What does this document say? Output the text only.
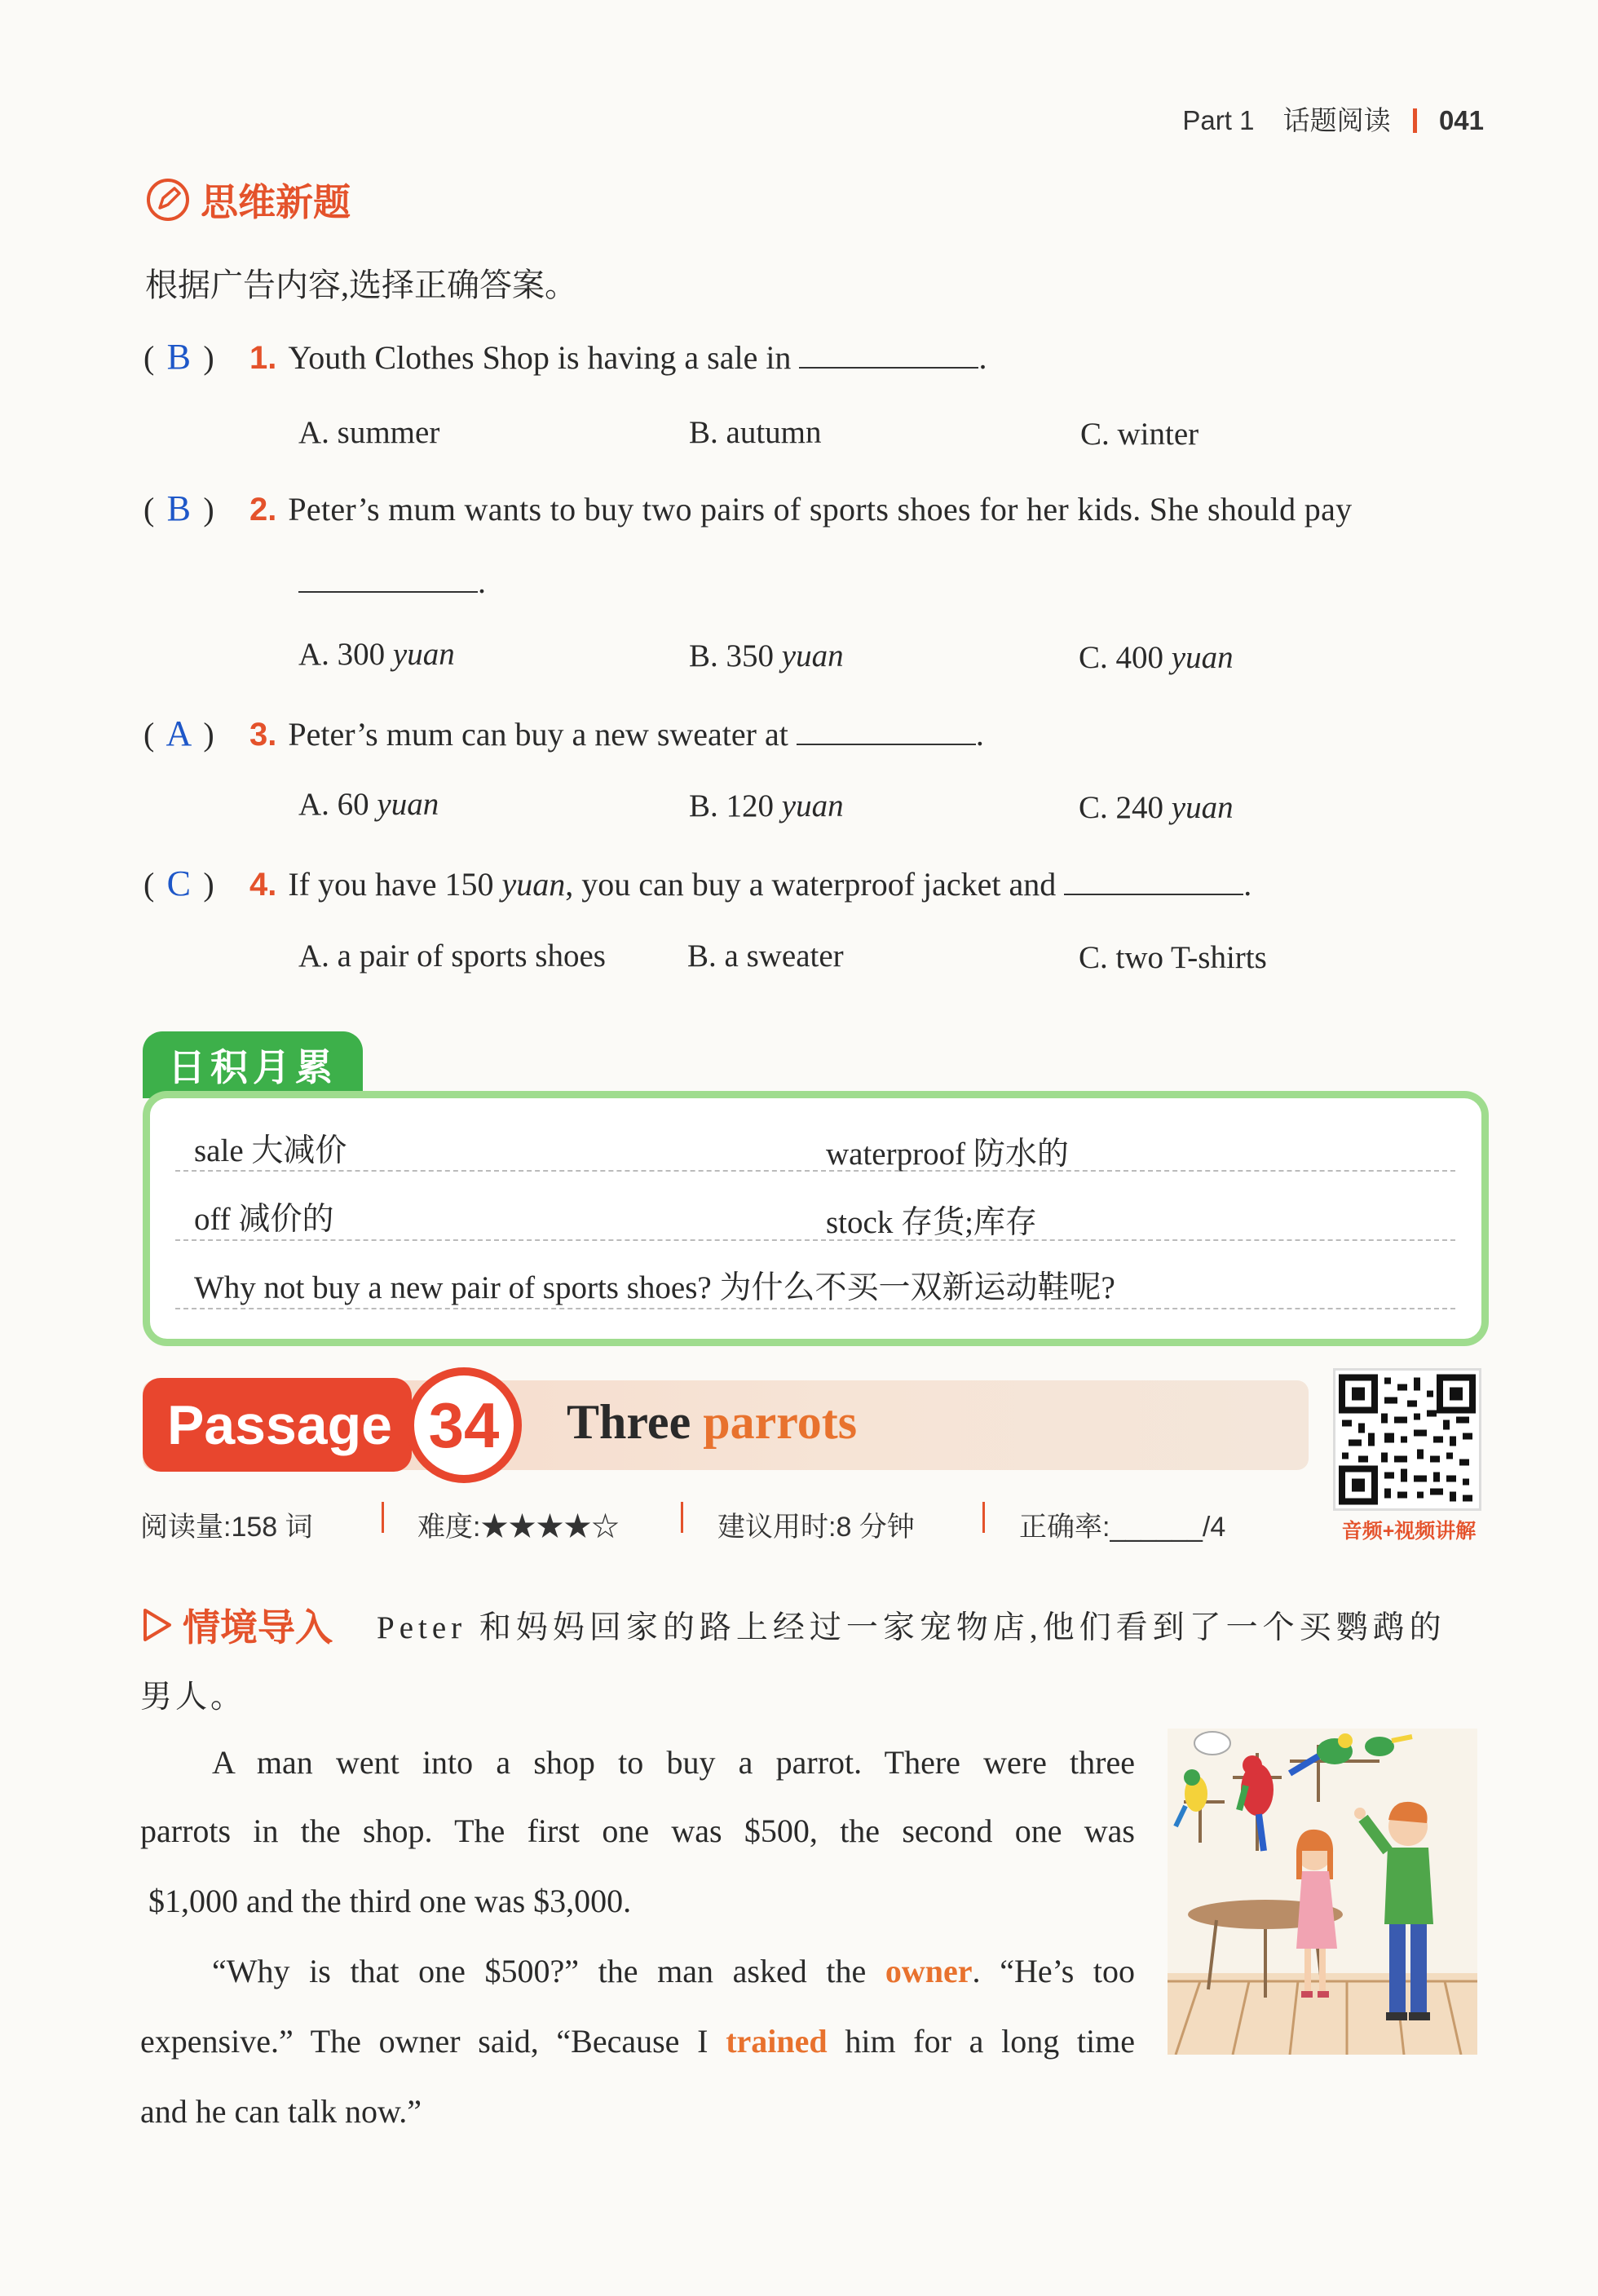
Part 1 话题阅读 041
思维新题
根据广告内容,选择正确答案。
( B ) 1. Youth Clothes Shop is having a sale in	.
A. summer	B. autumn	C. winter
( B ) 2. Peter’s mum wants to buy two pairs of sports shoes for her kids. She should pay
.
A. 300 yuan	B. 350 yuan	C. 400 yuan
( A ) 3. Peter’s mum can buy a new sweater at	.
A. 60 yuan	B. 120 yuan	C. 240 yuan
( C ) 4. If you have 150 yuan, you can buy a waterproof jacket and	.
A. a pair of sports shoes	B. a sweater	C. two T-shirts
日积月累
sale 大减价	waterproof 防水的
off 减价的	stock 存货;库存
Why not buy a new pair of sports shoes? 为什么不买一双新运动鞋呢?
Passage 34	Three parrots
音频+视频讲解
阅读量:158 词	难度:★★★★☆	建议用时:8 分钟	正确率:______/4
情境导入 Peter 和妈妈回家的路上经过一家宠物店,他们看到了一个买鹦鹉的
男人。
A man went into a shop to buy a parrot. There were three
parrots in the shop. The first one was $500, the second one was
$1,000 and the third one was $3,000.
“Why is that one $500?” the man asked the owner. “He’s too
expensive.” The owner said, “Because I trained him for a long time
and he can talk now.”
